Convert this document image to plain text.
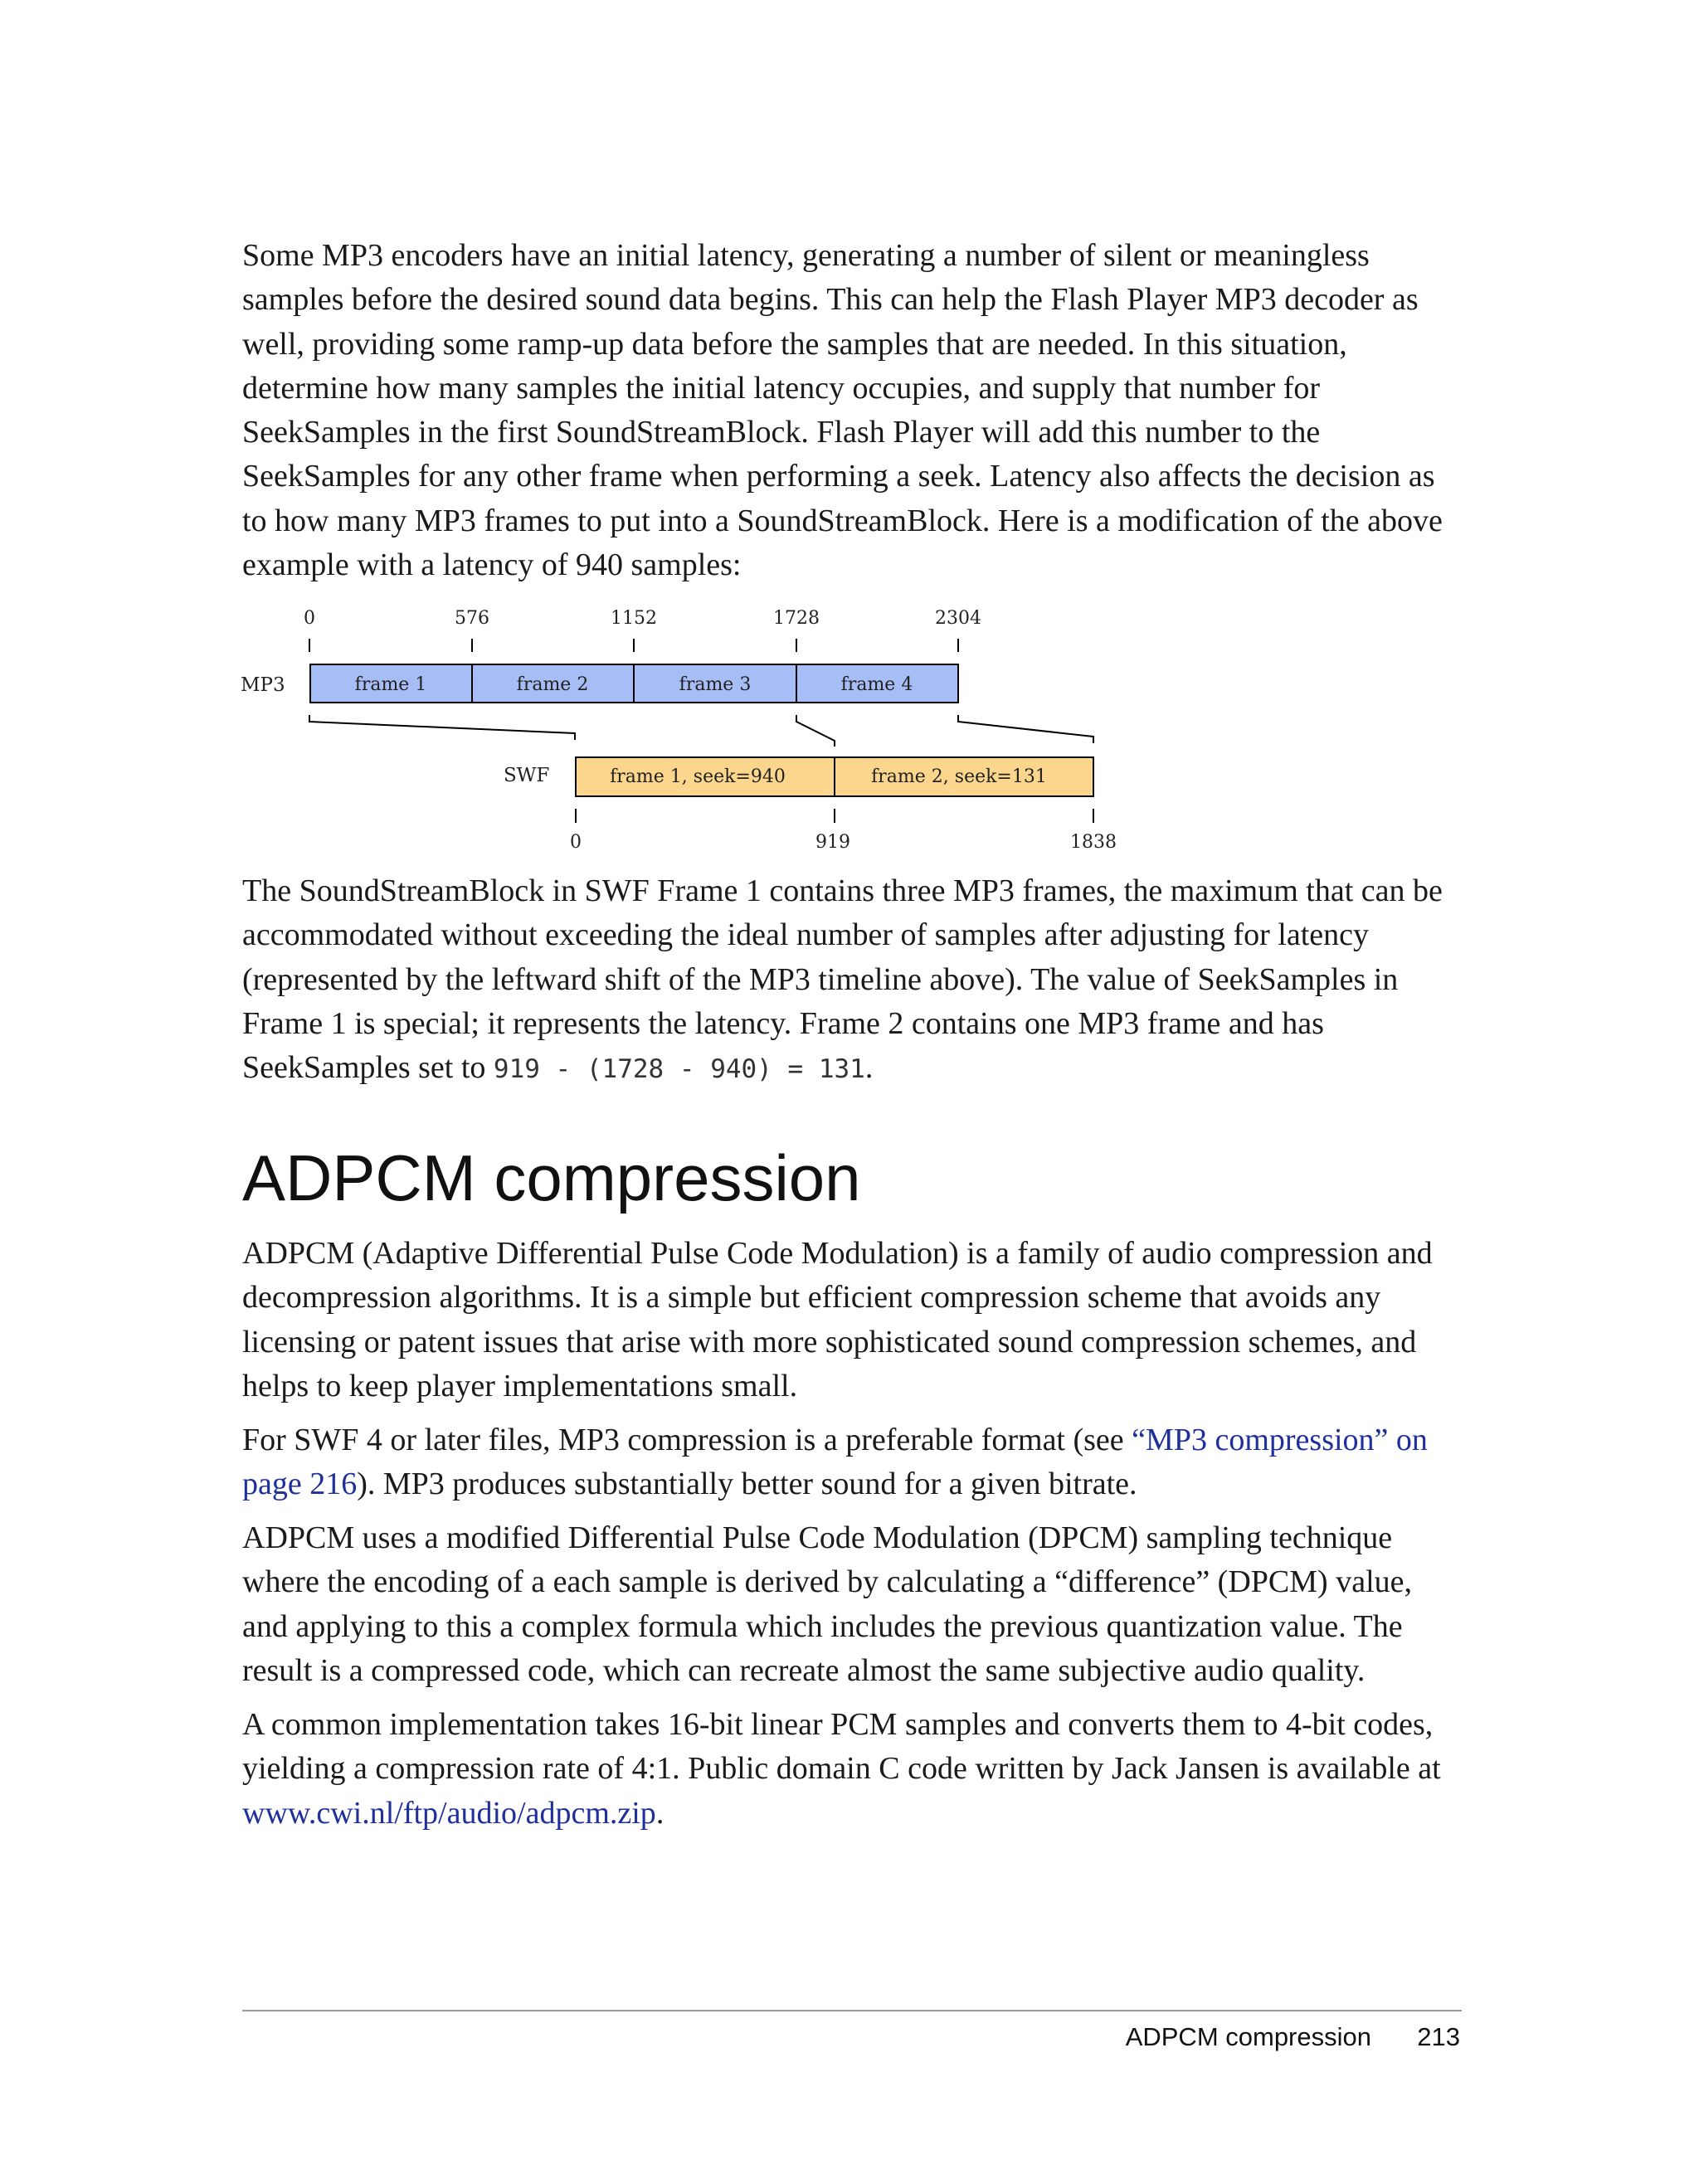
Some MP3 encoders have an initial latency, generating a number of silent or meaningless samples before the desired sound data begins. This can help the Flash Player MP3 decoder as well, providing some ramp-up data before the samples that are needed. In this situation, determine how many samples the initial latency occupies, and supply that number for SeekSamples in the first SoundStreamBlock. Flash Player will add this number to the SeekSamples for any other frame when performing a seek. Latency also affects the decision as to how many MP3 frames to put into a SoundStreamBlock. Here is a modification of the above example with a latency of 940 samples:

0	576	1152	1728	2304
MP3	frame 1	frame 2	frame 3	frame 4
SWF	frame 1, seek=940	frame 2, seek=131
0	919	1838

The SoundStreamBlock in SWF Frame 1 contains three MP3 frames, the maximum that can be accommodated without exceeding the ideal number of samples after adjusting for latency (represented by the leftward shift of the MP3 timeline above). The value of SeekSamples in Frame 1 is special; it represents the latency. Frame 2 contains one MP3 frame and has SeekSamples set to 919 - (1728 - 940) = 131.

ADPCM compression

ADPCM (Adaptive Differential Pulse Code Modulation) is a family of audio compression and decompression algorithms. It is a simple but efficient compression scheme that avoids any licensing or patent issues that arise with more sophisticated sound compression schemes, and helps to keep player implementations small.

For SWF 4 or later files, MP3 compression is a preferable format (see “MP3 compression” on page 216). MP3 produces substantially better sound for a given bitrate.

ADPCM uses a modified Differential Pulse Code Modulation (DPCM) sampling technique where the encoding of a each sample is derived by calculating a “difference” (DPCM) value, and applying to this a complex formula which includes the previous quantization value. The result is a compressed code, which can recreate almost the same subjective audio quality.

A common implementation takes 16-bit linear PCM samples and converts them to 4-bit codes, yielding a compression rate of 4:1. Public domain C code written by Jack Jansen is available at www.cwi.nl/ftp/audio/adpcm.zip.

ADPCM compression 213
